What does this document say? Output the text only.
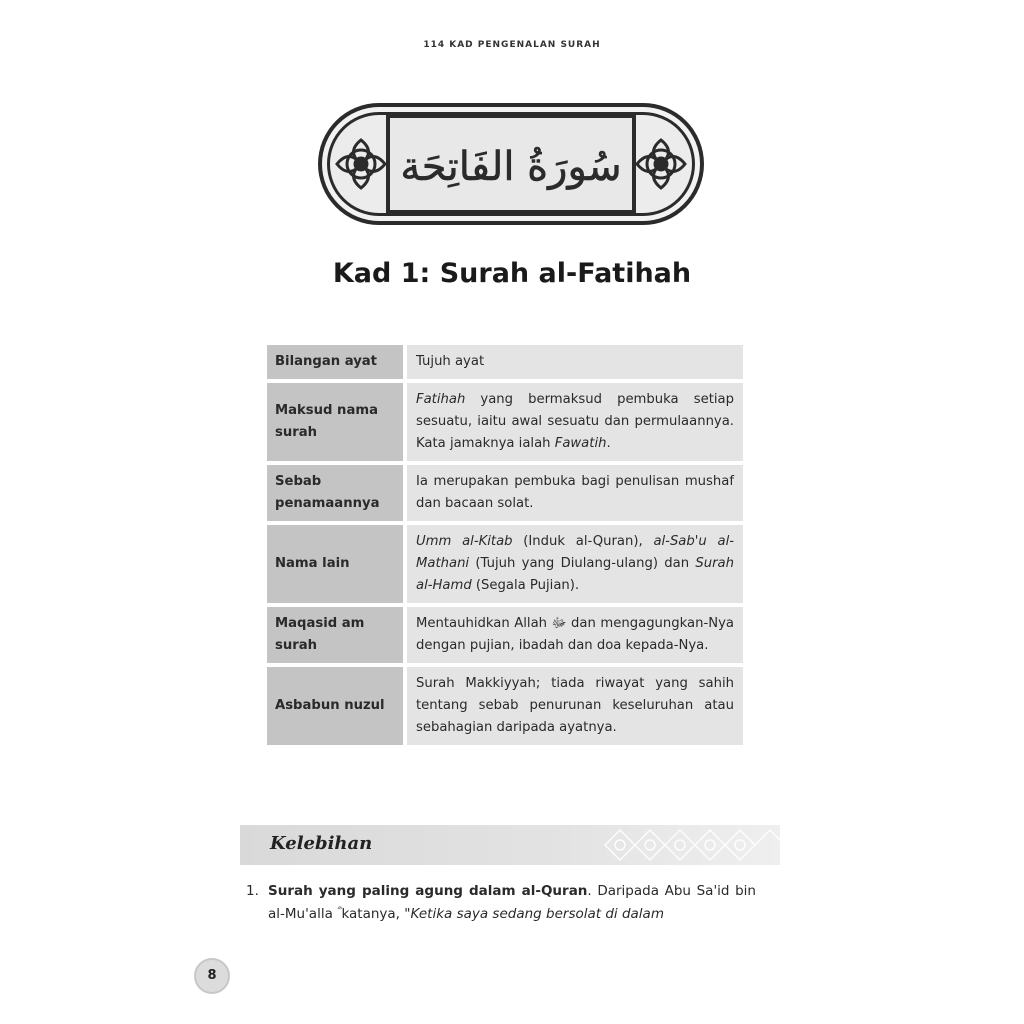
114 KAD PENGENALAN SURAH
سُورَةُ الفَاتِحَة
Kad 1: Surah al-Fatihah
Bilangan ayat	Tujuh ayat
Maksud nama surah	Fatihah yang bermaksud pembuka setiap sesuatu, iaitu awal sesuatu dan permulaannya. Kata jamaknya ialah Fawatih.
Sebab penamaannya	Ia merupakan pembuka bagi penulisan mushaf dan bacaan solat.
Nama lain	Umm al-Kitab (Induk al-Quran), al-Sab'u al-Mathani (Tujuh yang Diulang-ulang) dan Surah al-Hamd (Segala Pujian).
Maqasid am surah	Mentauhidkan Allah ﷻ dan mengagungkan-Nya dengan pujian, ibadah dan doa kepada-Nya.
Asbabun nuzul	Surah Makkiyyah; tiada riwayat yang sahih tentang sebab penurunan keseluruhan atau sebahagian daripada ayatnya.
Kelebihan
1. Surah yang paling agung dalam al-Quran. Daripada Abu Sa'id bin al-Mu'alla ؓ katanya, "Ketika saya sedang bersolat di dalam
8
